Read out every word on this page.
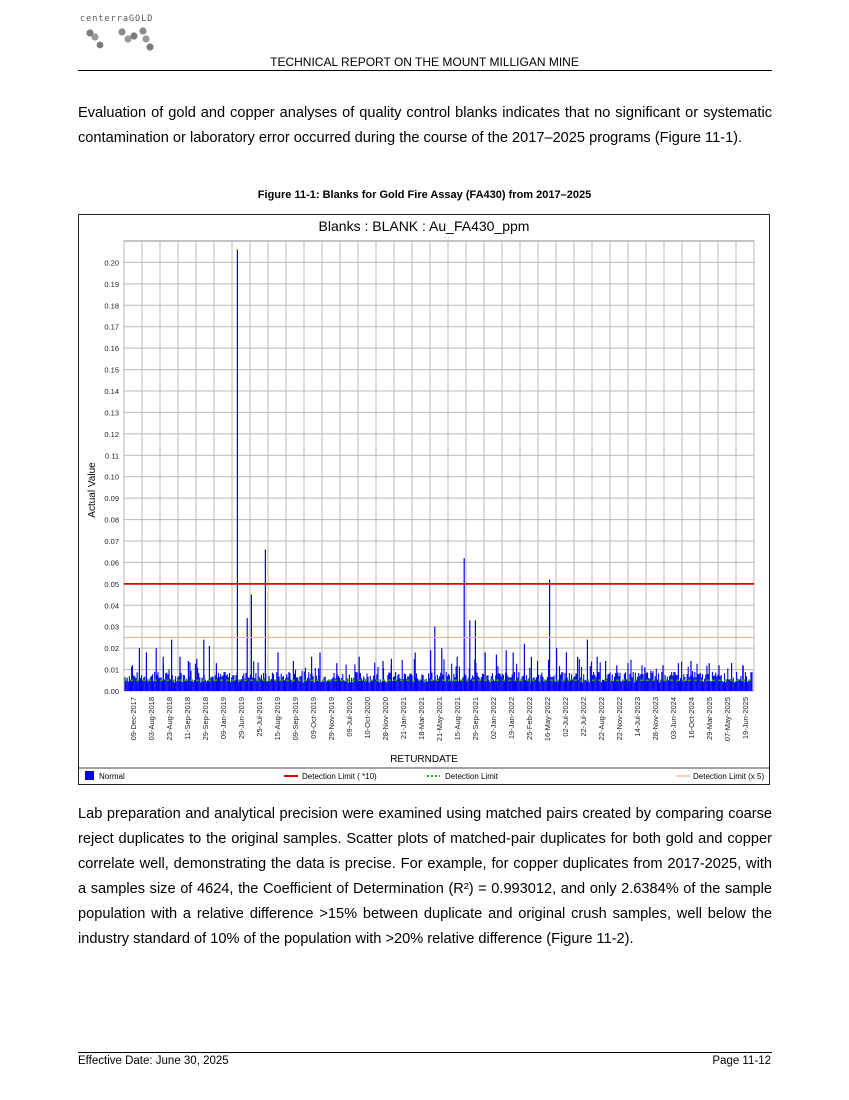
centerraGOLD
TECHNICAL REPORT ON THE MOUNT MILLIGAN MINE
Evaluation of gold and copper analyses of quality control blanks indicates that no significant or systematic contamination or laboratory error occurred during the course of the 2017–2025 programs (Figure 11-1).
Figure 11-1: Blanks for Gold Fire Assay (FA430) from 2017–2025
0.00
0.01
0.02
0.03
0.04
0.05
0.06
0.07
0.08
0.09
0.10
0.11
0.12
0.13
0.14
0.15
0.16
0.17
0.18
0.19
0.20
09-Dec-2017 03-Aug-2018 23-Aug-2018 11-Sep-2018 29-Sep-2018 09-Jan-2019 29-Jun-2019 25-Jul-2019 15-Aug-2019 09-Sep-2019 09-Oct-2019 29-Nov-2019 09-Jul-2020 10-Oct-2020 28-Nov-2020 21-Jan-2021 18-Mar-2021 21-May-2021 15-Aug-2021 29-Sep-2021 02-Jan-2022 19-Jan-2022 25-Feb-2022 16-May-2022 02-Jul-2022 22-Jul-2022 22-Aug-2022 22-Nov-2022 14-Jul-2023 28-Nov-2023 03-Jun-2024 16-Oct-2024 29-Mar-2025 07-May-2025 19-Jun-2025
Blanks : BLANK : Au_FA430_ppm
RETURNDATE
Actual Value
Normal	Detection Limit ( *10)	Detection Limit	Detection Limit (x 5)
Lab preparation and analytical precision were examined using matched pairs created by comparing coarse reject duplicates to the original samples. Scatter plots of matched-pair duplicates for both gold and copper correlate well, demonstrating the data is precise. For example, for copper duplicates from 2017-2025, with a samples size of 4624, the Coefficient of Determination (R²) = 0.993012, and only 2.6384% of the sample population with a relative difference >15% between duplicate and original crush samples, well below the industry standard of 10% of the population with >20% relative difference (Figure 11-2).
Effective Date: June 30, 2025	Page 11-12
